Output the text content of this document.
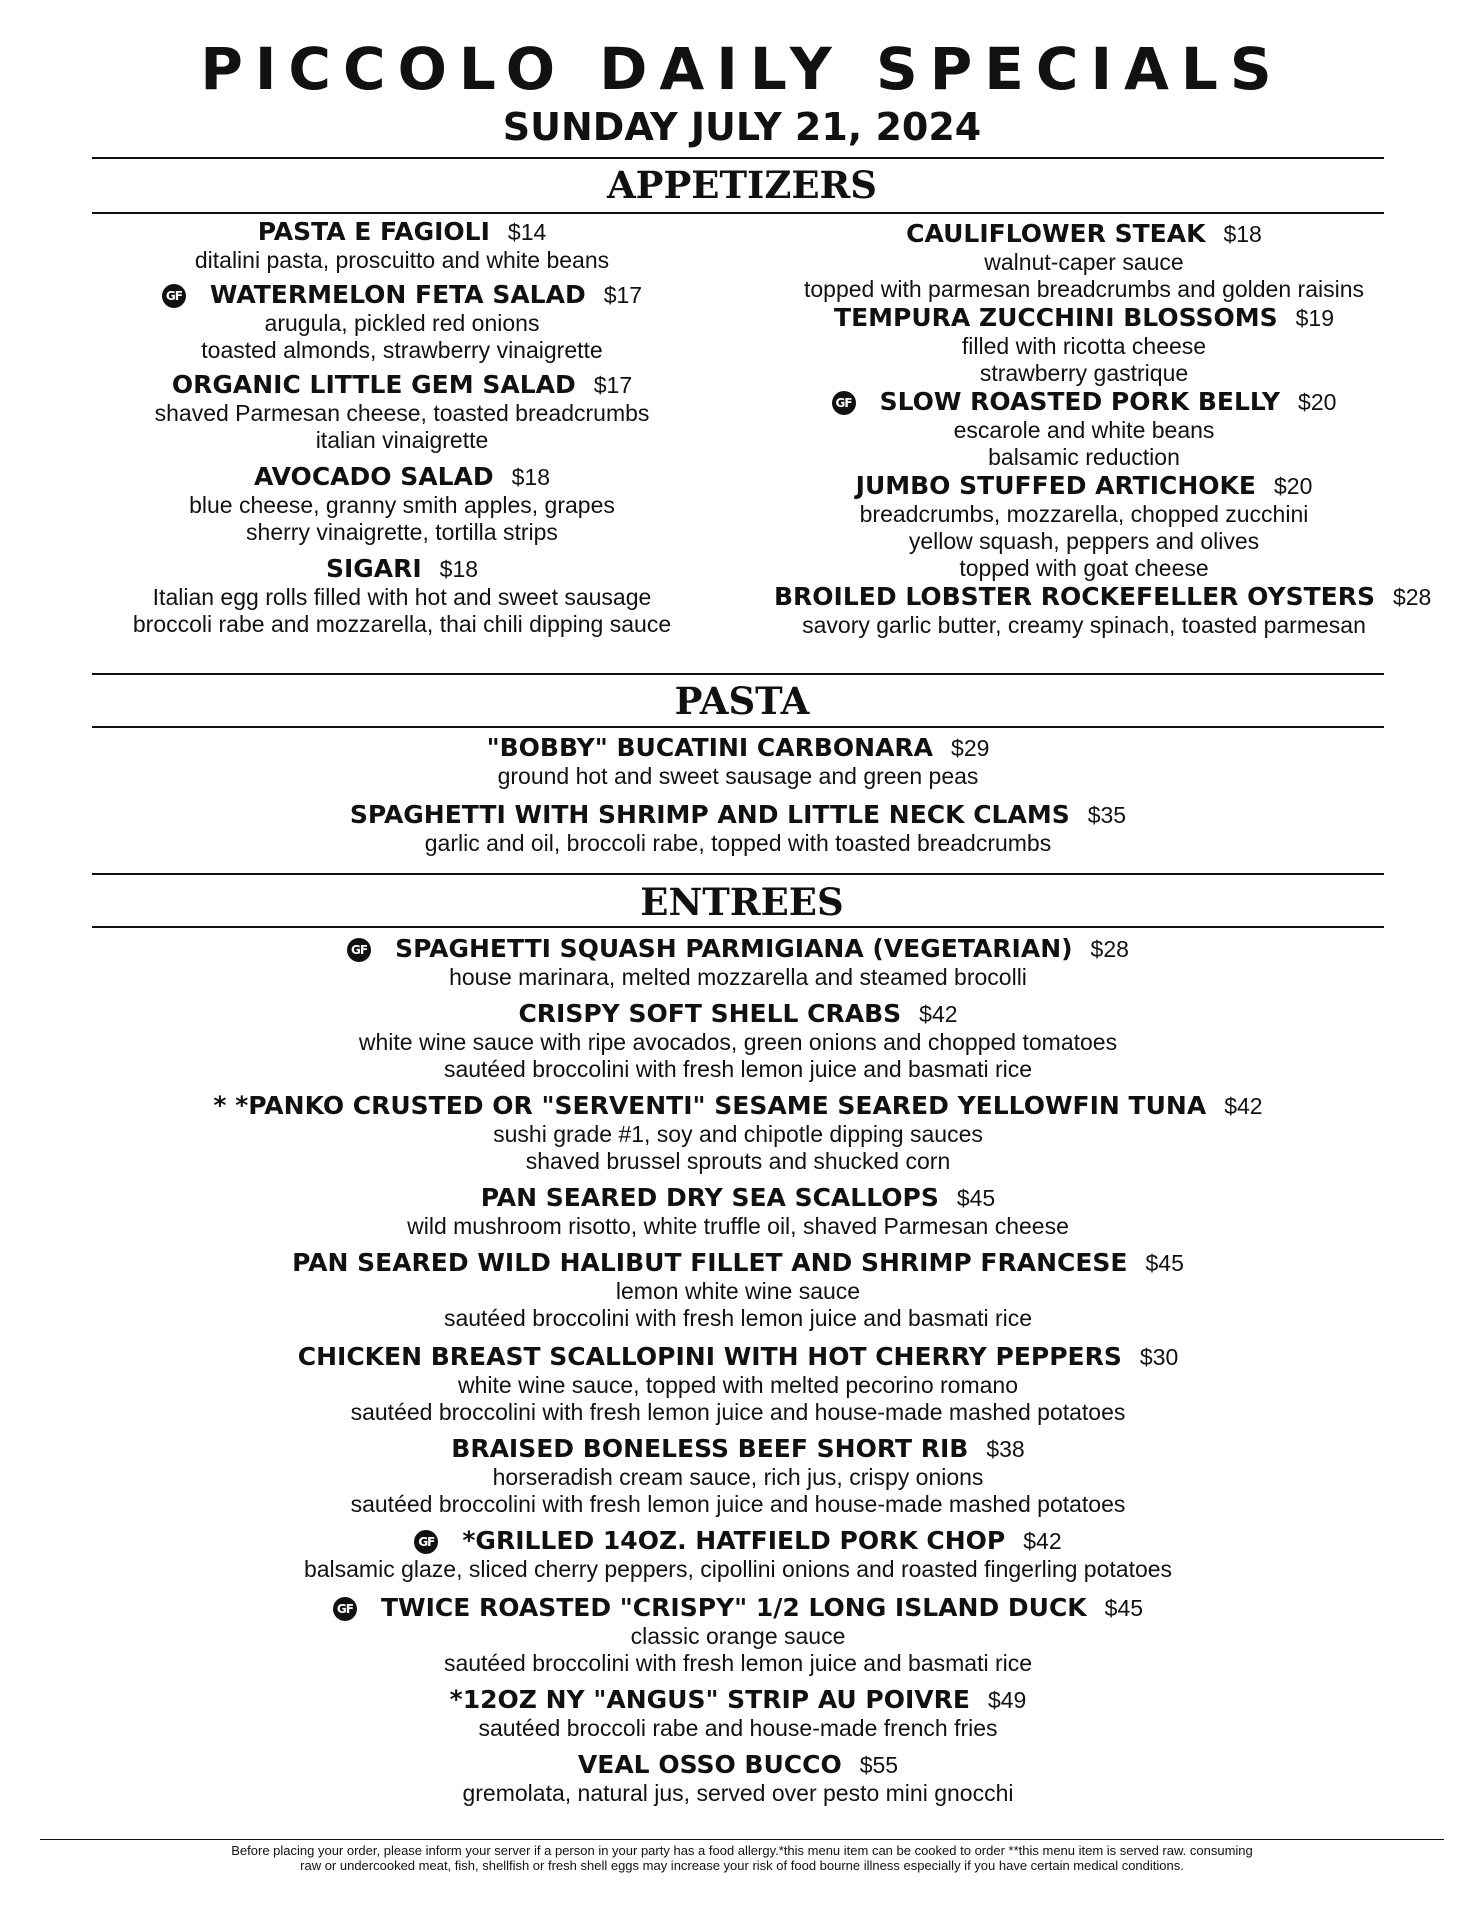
PICCOLO DAILY SPECIALS
SUNDAY JULY 21, 2024
APPETIZERS
PASTA E FAGIOLI $14
ditalini pasta, proscuitto and white beans
GF WATERMELON FETA SALAD $17
arugula, pickled red onions
toasted almonds, strawberry vinaigrette
ORGANIC LITTLE GEM SALAD $17
shaved Parmesan cheese, toasted breadcrumbs
italian vinaigrette
AVOCADO SALAD $18
blue cheese, granny smith apples, grapes
sherry vinaigrette, tortilla strips
SIGARI $18
Italian egg rolls filled with hot and sweet sausage
broccoli rabe and mozzarella, thai chili dipping sauce
CAULIFLOWER STEAK $18
walnut-caper sauce
topped with parmesan breadcrumbs and golden raisins
TEMPURA ZUCCHINI BLOSSOMS $19
filled with ricotta cheese
strawberry gastrique
GF SLOW ROASTED PORK BELLY $20
escarole and white beans
balsamic reduction
JUMBO STUFFED ARTICHOKE $20
breadcrumbs, mozzarella, chopped zucchini
yellow squash, peppers and olives
topped with goat cheese
BROILED LOBSTER ROCKEFELLER OYSTERS $28
savory garlic butter, creamy spinach, toasted parmesan
PASTA
"BOBBY" BUCATINI CARBONARA $29
ground hot and sweet sausage and green peas
SPAGHETTI WITH SHRIMP AND LITTLE NECK CLAMS $35
garlic and oil, broccoli rabe, topped with toasted breadcrumbs
ENTREES
GF SPAGHETTI SQUASH PARMIGIANA (VEGETARIAN) $28
house marinara, melted mozzarella and steamed brocolli
CRISPY SOFT SHELL CRABS $42
white wine sauce with ripe avocados, green onions and chopped tomatoes
sautéed broccolini with fresh lemon juice and basmati rice
* *PANKO CRUSTED OR "SERVENTI" SESAME SEARED YELLOWFIN TUNA $42
sushi grade #1, soy and chipotle dipping sauces
shaved brussel sprouts and shucked corn
PAN SEARED DRY SEA SCALLOPS $45
wild mushroom risotto, white truffle oil, shaved Parmesan cheese
PAN SEARED WILD HALIBUT FILLET AND SHRIMP FRANCESE $45
lemon white wine sauce
sautéed broccolini with fresh lemon juice and basmati rice
CHICKEN BREAST SCALLOPINI WITH HOT CHERRY PEPPERS $30
white wine sauce, topped with melted pecorino romano
sautéed broccolini with fresh lemon juice and house-made mashed potatoes
BRAISED BONELESS BEEF SHORT RIB $38
horseradish cream sauce, rich jus, crispy onions
sautéed broccolini with fresh lemon juice and house-made mashed potatoes
GF *GRILLED 14OZ. HATFIELD PORK CHOP $42
balsamic glaze, sliced cherry peppers, cipollini onions and roasted fingerling potatoes
GF TWICE ROASTED "CRISPY" 1/2 LONG ISLAND DUCK $45
classic orange sauce
sautéed broccolini with fresh lemon juice and basmati rice
*12OZ NY "ANGUS" STRIP AU POIVRE $49
sautéed broccoli rabe and house-made french fries
VEAL OSSO BUCCO $55
gremolata, natural jus, served over pesto mini gnocchi
Before placing your order, please inform your server if a person in your party has a food allergy.*this menu item can be cooked to order **this menu item is served raw. consuming
raw or undercooked meat, fish, shellfish or fresh shell eggs may increase your risk of food bourne illness especially if you have certain medical conditions.
